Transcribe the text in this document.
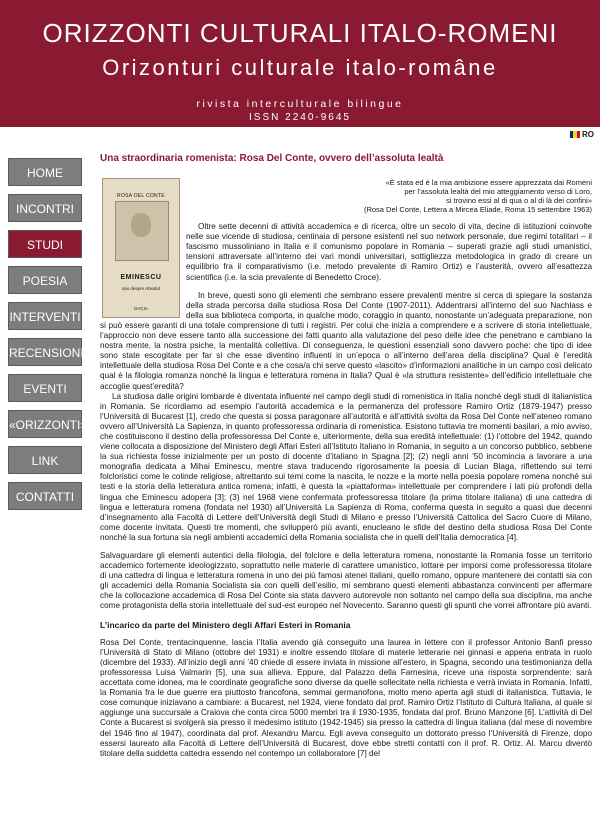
ORIZZONTI CULTURALI ITALO-ROMENI
Orizonturi culturale italo-române
rivista interculturale bilingue
ISSN 2240-9645
RO
HOME
INCONTRI
STUDI
POESIA
INTERVENTI
RECENSIONI
EVENTI
«ORIZZONTI»
LINK
CONTATTI
Una straordinaria romenista: Rosa Del Conte, ovvero dell’assoluta lealtà
ROSA DEL CONTE
EMINESCU
sau despre Absolut
DACIA
«È stata ed è la mia ambizione essere apprezzata dai Romeni
per l’assoluta lealtà del mio atteggiamento verso di Loro,
si trovino essi al di qua o al di là dei confini»
(Rosa Del Conte, Lettera a Mircea Eliade, Roma 15 settembre 1963)

Oltre sette decenni di attività accademica e di ricerca, oltre un secolo di vita, decine di istituzioni coinvolte nelle sue vicende di studiosa, centinaia di persone esistenti nel suo network personale, due regimi totalitari – il fascismo mussoliniano in Italia e il comunismo popolare in Romania – superati grazie agli studi umanistici, tensioni attraversate all’interno dei vari mondi universitari, sottigliezza metodologica in grado di creare un equilibrio fra il comparativismo (i.e. metodo prevalente di Ramiro Ortiz) e l’austerità, ovvero all’esattezza scientifica (i.e. la scia prevalente di Benedetto Croce).

In breve, questi sono gli elementi che sembrano essere prevalenti mentre si cerca di spiegare la sostanza della strada percorsa dalla studiosa Rosa Del Conte (1907-2011). Addentrarsi all’interno del suo Nachlass e della sua biblioteca comporta, in qualche modo, coraggio in quanto, nonostante un’adeguata preparazione, non si può essere garanti di una totale comprensione di tutti i registri. Per colui che inizia a comprendere e a scrivere di storia intellettuale, l’approccio non deve essere tanto alla successione dei fatti quanto alla valutazione del peso delle idee che penetrano e cambiano la nostra mente, la nostra psiche, la mentalità collettiva. Di conseguenza, le questioni essenziali sono davvero poche: che tipo di idee sono state escogitate per far sì che esse diventino influenti in un’epoca o all’interno dell’area della disciplina? Qual è l’eredità intellettuale della studiosa Rosa Del Conte e a che cosa/a chi serve questo «lascito» d’informazioni analitiche in un campo così delicato qual è la filologia romanza nonché la lingua e letteratura romena in Italia? Qual è «la struttura resistente» dell’edificio intellettuale che accoglie quest’eredità?

La studiosa dalle origini lombarde è diventata influente nel campo degli studi di romenistica in Italia nonché degli studi di italianistica in Romania. Se ricordiamo ad esempio l’autorità accademica e la permanenza del professore Ramiro Ortiz (1879-1947) presso l’Università di Bucarest [1], credo che questa si possa paragonare all’autorità e all’attività svolta da Rosa Del Conte nell’ateneo romano ovvero all’Università La Sapienza, in quanto professoressa ordinaria di romenistica. Esistono tuttavia tre momenti basilari, a mio avviso, che costituiscono il destino della professoressa Del Conte e, ulteriormente, della sua eredità intellettuale: (1) l’ottobre del 1942, quando viene collocata a disposizione del Ministero degli Affari Esteri all’Istituto Italiano in Romania, in seguito a un concorso pubblico, sebbene la sua richiesta fosse inizialmente per un posto di docente d’italiano in Spagna [2]; (2) negli anni ’50 incomincia a lavorare a una monografia dedicata a Mihai Eminescu, mentre stava traducendo rigorosamente la poesia di Lucian Blaga, riflettendo sui temi folcloristici come le colinde religiose, altrettanto sui temi come la nascita, le nozze e la morte nella poesia popolare romena nonché sui testi e la storia della letteratura antica romena; infatti, è questa la «piattaforma» intellettuale per comprendere i lati più profondi della lingua che Eminescu adopera [3]; (3) nel 1968 viene confermata professoressa titolare (la prima titolare italiana) di una cattedra di lingua e letteratura romena (fondata nel 1930) all’Università La Sapienza di Roma, conferma questa in seguito a quasi due decenni d’insegnamento alla Facoltà di Lettere dell’Università degli Studi di Milano e presso l’Università Cattolica del Sacro Cuore di Milano, come docente invitata. Questi tre momenti, che svilupperò più avanti, enucleano le sfide del destino della studiosa Rosa Del Conte nonché la sua fortuna sia negli ambienti accademici della Romania socialista che in quelli dell’Italia democratica [4].

Salvaguardare gli elementi autentici della filologia, del folclore e della letteratura romena, nonostante la Romania fosse un territorio accademico fortemente ideologizzato, soprattutto nelle materie di carattere umanistico, lottare per imporsi come professoressa titolare di una cattedra di lingua e letteratura romena in uno dei più famosi atenei italiani, quello romano, oppure mantenere dei contatti sia con gli accademici della Romania Socialista sia con quelli dell’esilio, mi sembrano questi elementi abbastanza convincenti per affermare che la collocazione accademica di Rosa Del Conte sia stata davvero autorevole non soltanto nel campo della sua disciplina, ma anche come protagonista della storia intellettuale del sud-est europeo nel Novecento. Saranno questi gli spunti che vorrei affrontare più avanti.

L’incarico da parte del Ministero degli Affari Esteri in Romania

Rosa Del Conte, trentacinquenne, lascia l’Italia avendo già conseguito una laurea in lettere con il professor Antonio Banfi presso l’Università di Stato di Milano (ottobre del 1931) e inoltre essendo titolare di materie letterarie nei ginnasi e appena entrata in ruolo (dicembre del 1933). All’inizio degli anni ’40 chiede di essere inviata in missione all’estero, in Spagna, secondo una testimonianza della professoressa Luisa Valmarin [5], una sua allieva. Eppure, dal Palazzo della Farnesina, riceve una risposta sorprendente: sarà accettata come idonea, ma le coordinate geografiche sono diverse da quelle sollecitate nella richiesta e verrà inviata in Romania. Infatti, la Romania fra le due guerre era piuttosto francofona, semmai germanofona, molto meno aperta agli studi di italianistica. Tuttavia, le cose comunque iniziavano a cambiare: a Bucarest, nel 1924, viene fondato dal prof. Ramiro Ortiz l’Istituto di Cultura Italiana, al quale si aggiunge una succursale a Craiova che conta circa 5000 membri tra il 1930-1935, fondata dal prof. Bruno Manzone [6]. L’attività di Del Conte a Bucarest si svolgerà sia presso il medesimo istituto (1942-1945) sia presso la cattedra di lingua italiana (dal mese di novembre del 1946 fino al 1947), coordinata dal prof. Alexandru Marcu. Egli aveva conseguito un dottorato presso l’Università di Firenze, dopo essersi laureato alla Facoltà di Lettere dell’Università di Bucarest, dove ebbe stretti contatti con il prof. R. Ortiz. Al. Marcu diventò titolare della suddetta cattedra essendo nel contempo un collaboratore [7] del
